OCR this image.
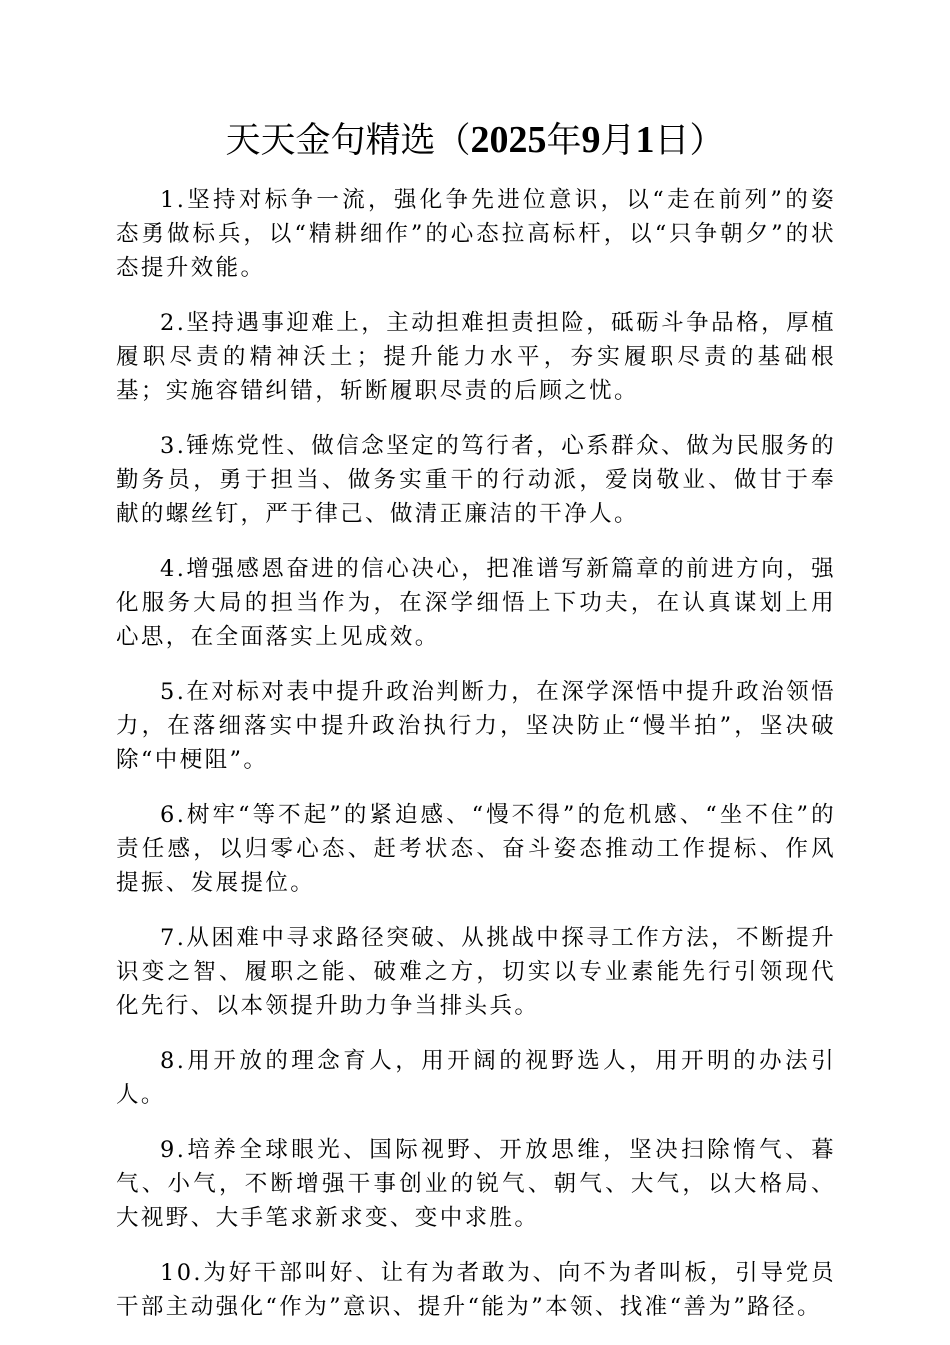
天天金句精选（2025年9月1日）

1.坚持对标争一流，强化争先进位意识，以“走在前列”的姿态勇做标兵，以“精耕细作”的心态拉高标杆，以“只争朝夕”的状态提升效能。

2.坚持遇事迎难上，主动担难担责担险，砥砺斗争品格，厚植履职尽责的精神沃土；提升能力水平，夯实履职尽责的基础根基；实施容错纠错，斩断履职尽责的后顾之忧。

3.锤炼党性、做信念坚定的笃行者，心系群众、做为民服务的勤务员，勇于担当、做务实重干的行动派，爱岗敬业、做甘于奉献的螺丝钉，严于律己、做清正廉洁的干净人。

4.增强感恩奋进的信心决心，把准谱写新篇章的前进方向，强化服务大局的担当作为，在深学细悟上下功夫，在认真谋划上用心思，在全面落实上见成效。

5.在对标对表中提升政治判断力，在深学深悟中提升政治领悟力，在落细落实中提升政治执行力，坚决防止“慢半拍”，坚决破除“中梗阻”。

6.树牢“等不起”的紧迫感、“慢不得”的危机感、“坐不住”的责任感，以归零心态、赶考状态、奋斗姿态推动工作提标、作风提振、发展提位。

7.从困难中寻求路径突破、从挑战中探寻工作方法，不断提升识变之智、履职之能、破难之方，切实以专业素能先行引领现代化先行、以本领提升助力争当排头兵。

8.用开放的理念育人，用开阔的视野选人，用开明的办法引人。

9.培养全球眼光、国际视野、开放思维，坚决扫除惰气、暮气、小气，不断增强干事创业的锐气、朝气、大气，以大格局、大视野、大手笔求新求变、变中求胜。

10.为好干部叫好、让有为者敢为、向不为者叫板，引导党员干部主动强化“作为”意识、提升“能为”本领、找准“善为”路径。
